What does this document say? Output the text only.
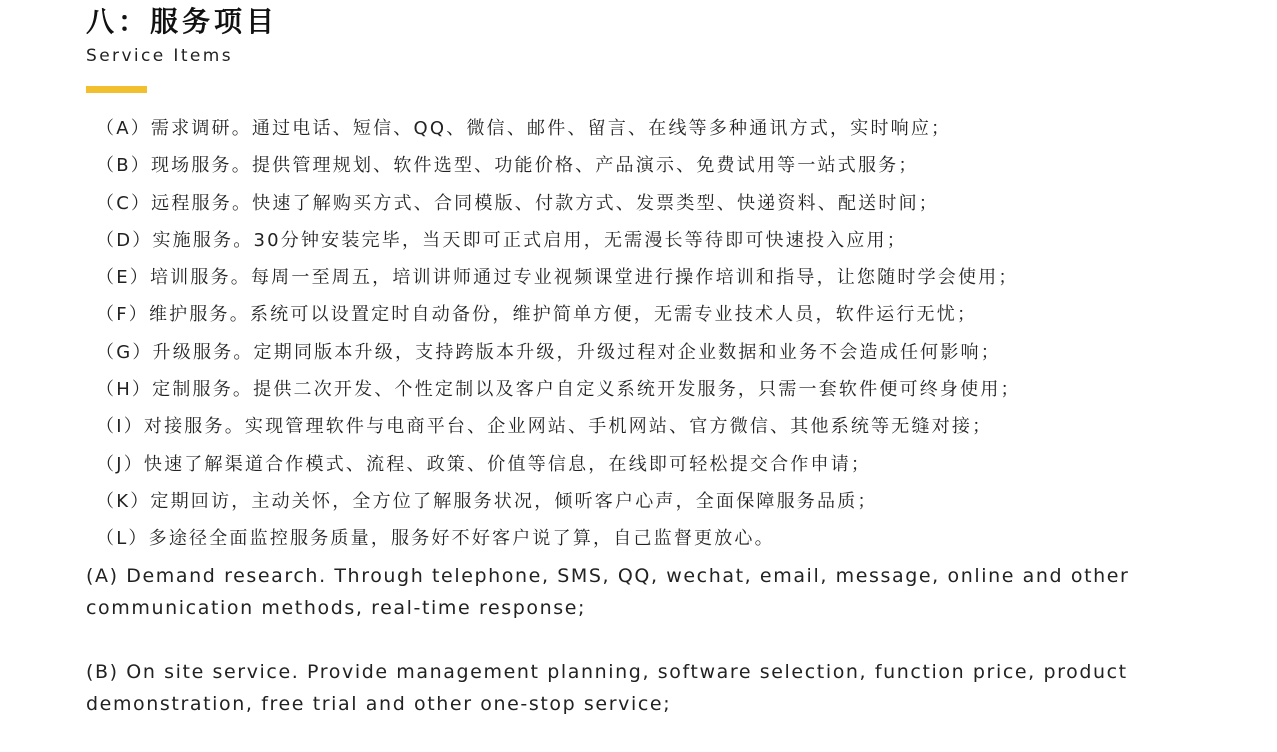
八：服务项目
Service Items
（A）需求调研。通过电话、短信、QQ、微信、邮件、留言、在线等多种通讯方式，实时响应；
（B）现场服务。提供管理规划、软件选型、功能价格、产品演示、免费试用等一站式服务；
（C）远程服务。快速了解购买方式、合同模版、付款方式、发票类型、快递资料、配送时间；
（D）实施服务。30分钟安装完毕，当天即可正式启用，无需漫长等待即可快速投入应用；
（E）培训服务。每周一至周五，培训讲师通过专业视频课堂进行操作培训和指导，让您随时学会使用；
（F）维护服务。系统可以设置定时自动备份，维护简单方便，无需专业技术人员，软件运行无忧；
（G）升级服务。定期同版本升级，支持跨版本升级，升级过程对企业数据和业务不会造成任何影响；
（H）定制服务。提供二次开发、个性定制以及客户自定义系统开发服务，只需一套软件便可终身使用；
（I）对接服务。实现管理软件与电商平台、企业网站、手机网站、官方微信、其他系统等无缝对接；
（J）快速了解渠道合作模式、流程、政策、价值等信息，在线即可轻松提交合作申请；
（K）定期回访，主动关怀，全方位了解服务状况，倾听客户心声，全面保障服务品质；
（L）多途径全面监控服务质量，服务好不好客户说了算，自己监督更放心。

(A) Demand research. Through telephone, SMS, QQ, wechat, email, message, online and other communication methods, real-time response;

(B) On site service. Provide management planning, software selection, function price, product demonstration, free trial and other one-stop service;
